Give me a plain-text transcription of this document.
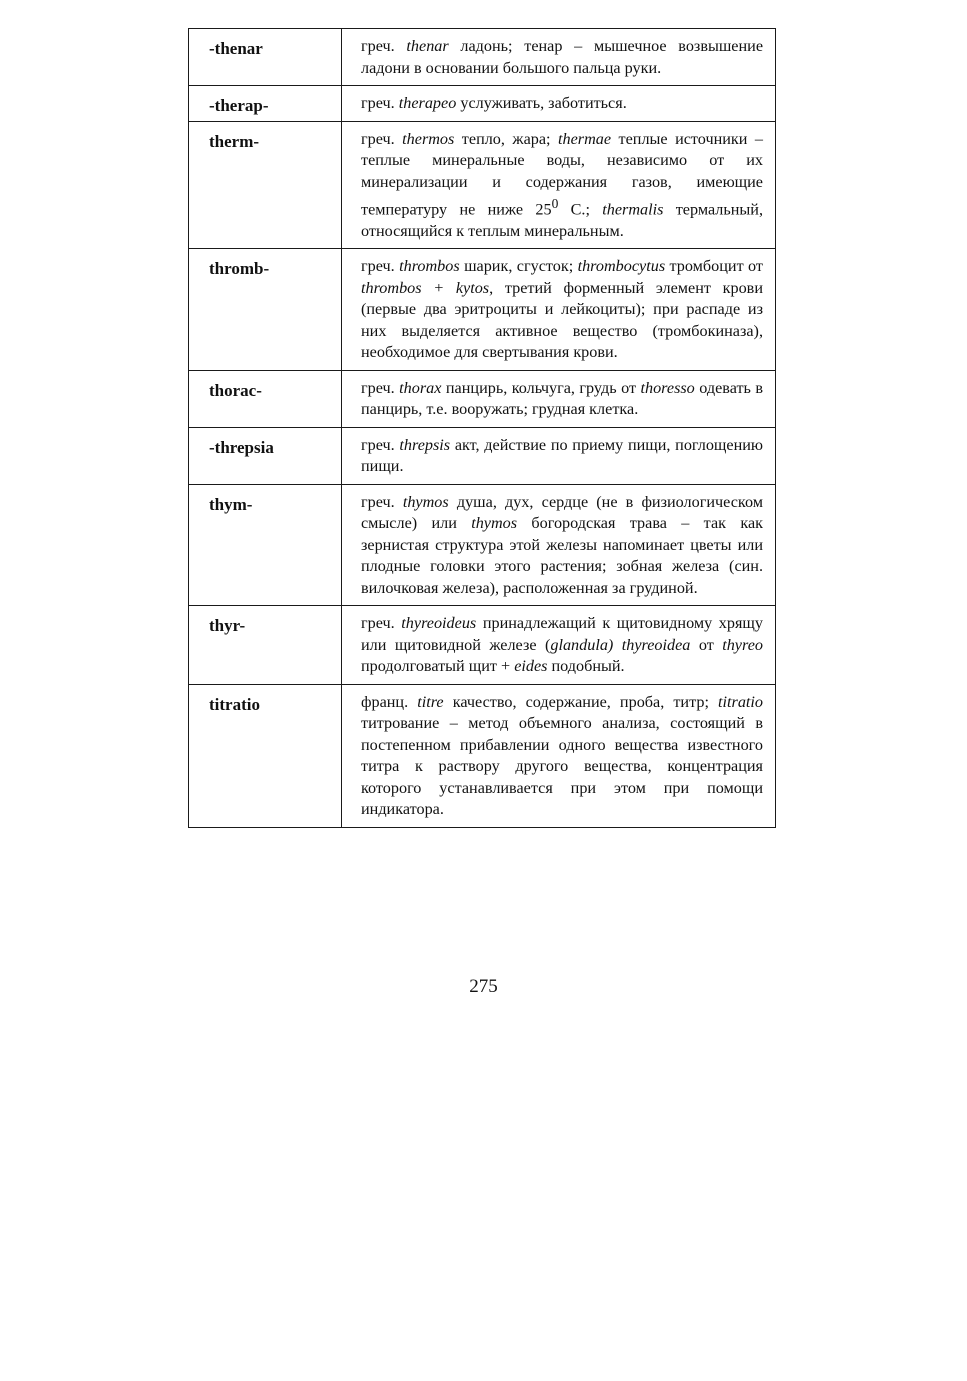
-thenar	греч. thenar ладонь; тенар – мышечное возвышение ладони в основании большого пальца руки.
-therap-	греч. therapeo услуживать, заботиться.
therm-	греч. thermos тепло, жара; thermae теплые источники – теплые минеральные воды, независимо от их минерализации и содержания газов, имеющие температуру не ниже $25^0$ С.; thermalis термальный, относящийся к теплым минеральным.
thromb-	греч. thrombos шарик, сгусток; thrombocytus тромбоцит от thrombos + kytos, третий форменный элемент крови (первые два эритроциты и лейкоциты); при распаде из них выделяется активное вещество (тромбокиназа), необходимое для свертывания крови.
thorac-	греч. thorax панцирь, кольчуга, грудь от thoresso одевать в панцирь, т.е. вооружать; грудная клетка.
-threpsia	греч. threpsis акт, действие по приему пищи, поглощению пищи.
thym-	греч. thymos душа, дух, сердце (не в физиологическом смысле) или thymos богородская трава – так как зернистая структура этой железы напоминает цветы или плодные головки этого растения; зобная железа (син. вилочковая железа), расположенная за грудиной.
thyr-	греч. thyreoideus принадлежащий к щитовидному хрящу или щитовидной железе (glandula) thyreoidea от thyreo продолговатый щит + eides подобный.
titratio	франц. titre качество, содержание, проба, титр; titratio титрование – метод объемного анализа, состоящий в постепенном прибавлении одного вещества известного титра к раствору другого вещества, концентрация которого устанавливается при этом при помощи индикатора.
275
